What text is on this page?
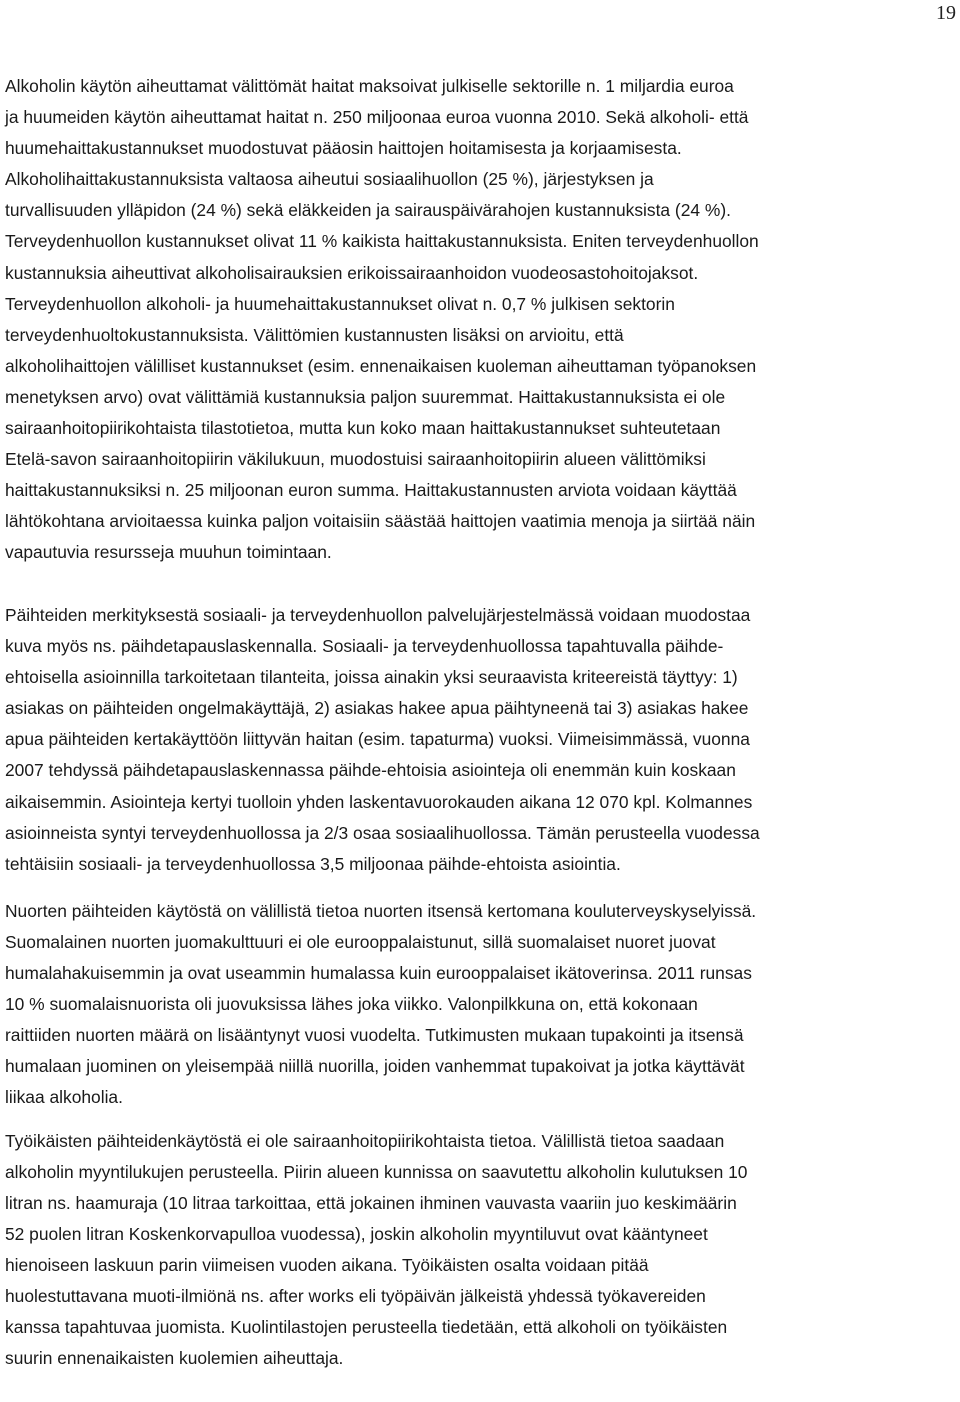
19
Alkoholin käytön aiheuttamat välittömät haitat maksoivat julkiselle sektorille n. 1 miljardia euroa
ja huumeiden käytön aiheuttamat haitat n. 250 miljoonaa euroa vuonna 2010. Sekä alkoholi- että
huumehaittakustannukset muodostuvat pääosin haittojen hoitamisesta ja korjaamisesta.
Alkoholihaittakustannuksista valtaosa aiheutui sosiaalihuollon (25 %), järjestyksen ja
turvallisuuden ylläpidon (24 %) sekä eläkkeiden ja sairauspäivärahojen kustannuksista (24 %).
Terveydenhuollon kustannukset olivat 11 % kaikista haittakustannuksista. Eniten terveydenhuollon
kustannuksia aiheuttivat alkoholisairauksien erikoissairaanhoidon vuodeosastohoitojaksot.
Terveydenhuollon alkoholi- ja huumehaittakustannukset olivat n. 0,7 % julkisen sektorin
terveydenhuoltokustannuksista. Välittömien kustannusten lisäksi on arvioitu, että
alkoholihaittojen välilliset kustannukset (esim. ennenaikaisen kuoleman aiheuttaman työpanoksen
menetyksen arvo) ovat välittämiä kustannuksia paljon suuremmat. Haittakustannuksista ei ole
sairaanhoitopiirikohtaista tilastotietoa, mutta kun koko maan haittakustannukset suhteutetaan
Etelä-savon sairaanhoitopiirin väkilukuun, muodostuisi sairaanhoitopiirin alueen välittömiksi
haittakustannuksiksi n. 25 miljoonan euron summa. Haittakustannusten arviota voidaan käyttää
lähtökohtana arvioitaessa kuinka paljon voitaisiin säästää haittojen vaatimia menoja ja siirtää näin
vapautuvia resursseja muuhun toimintaan.
Päihteiden merkityksestä sosiaali- ja terveydenhuollon palvelujärjestelmässä voidaan muodostaa
kuva myös ns. päihdetapauslaskennalla. Sosiaali- ja terveydenhuollossa tapahtuvalla päihde-
ehtoisella asioinnilla tarkoitetaan tilanteita, joissa ainakin yksi seuraavista kriteereistä täyttyy: 1)
asiakas on päihteiden ongelmakäyttäjä, 2) asiakas hakee apua päihtyneenä tai 3) asiakas hakee
apua päihteiden kertakäyttöön liittyvän haitan (esim. tapaturma) vuoksi. Viimeisimmässä, vuonna
2007 tehdyssä päihdetapauslaskennassa päihde-ehtoisia asiointeja oli enemmän kuin koskaan
aikaisemmin. Asiointeja kertyi tuolloin yhden laskentavuorokauden aikana 12 070 kpl. Kolmannes
asioinneista syntyi terveydenhuollossa ja 2/3 osaa sosiaalihuollossa. Tämän perusteella vuodessa
tehtäisiin sosiaali- ja terveydenhuollossa 3,5 miljoonaa päihde-ehtoista asiointia.
Nuorten päihteiden käytöstä on välillistä tietoa nuorten itsensä kertomana kouluterveyskyselyissä.
Suomalainen nuorten juomakulttuuri ei ole eurooppalaistunut, sillä suomalaiset nuoret juovat
humalahakuisemmin ja ovat useammin humalassa kuin eurooppalaiset ikätoverinsa. 2011 runsas
10 % suomalaisnuorista oli juovuksissa lähes joka viikko. Valonpilkkuna on, että kokonaan
raittiiden nuorten määrä on lisääntynyt vuosi vuodelta. Tutkimusten mukaan tupakointi ja itsensä
humalaan juominen on yleisempää niillä nuorilla, joiden vanhemmat tupakoivat ja jotka käyttävät
liikaa alkoholia.
Työikäisten päihteidenkäytöstä ei ole sairaanhoitopiirikohtaista tietoa. Välillistä tietoa saadaan
alkoholin myyntilukujen perusteella. Piirin alueen kunnissa on saavutettu alkoholin kulutuksen 10
litran ns. haamuraja (10 litraa tarkoittaa, että jokainen ihminen vauvasta vaariin juo keskimäärin
52 puolen litran Koskenkorvapulloa vuodessa), joskin alkoholin myyntiluvut ovat kääntyneet
hienoiseen laskuun parin viimeisen vuoden aikana. Työikäisten osalta voidaan pitää
huolestuttavana muoti-ilmiönä ns. after works eli työpäivän jälkeistä yhdessä työkavereiden
kanssa tapahtuvaa juomista. Kuolintilastojen perusteella tiedetään, että alkoholi on työikäisten
suurin ennenaikaisten kuolemien aiheuttaja.
